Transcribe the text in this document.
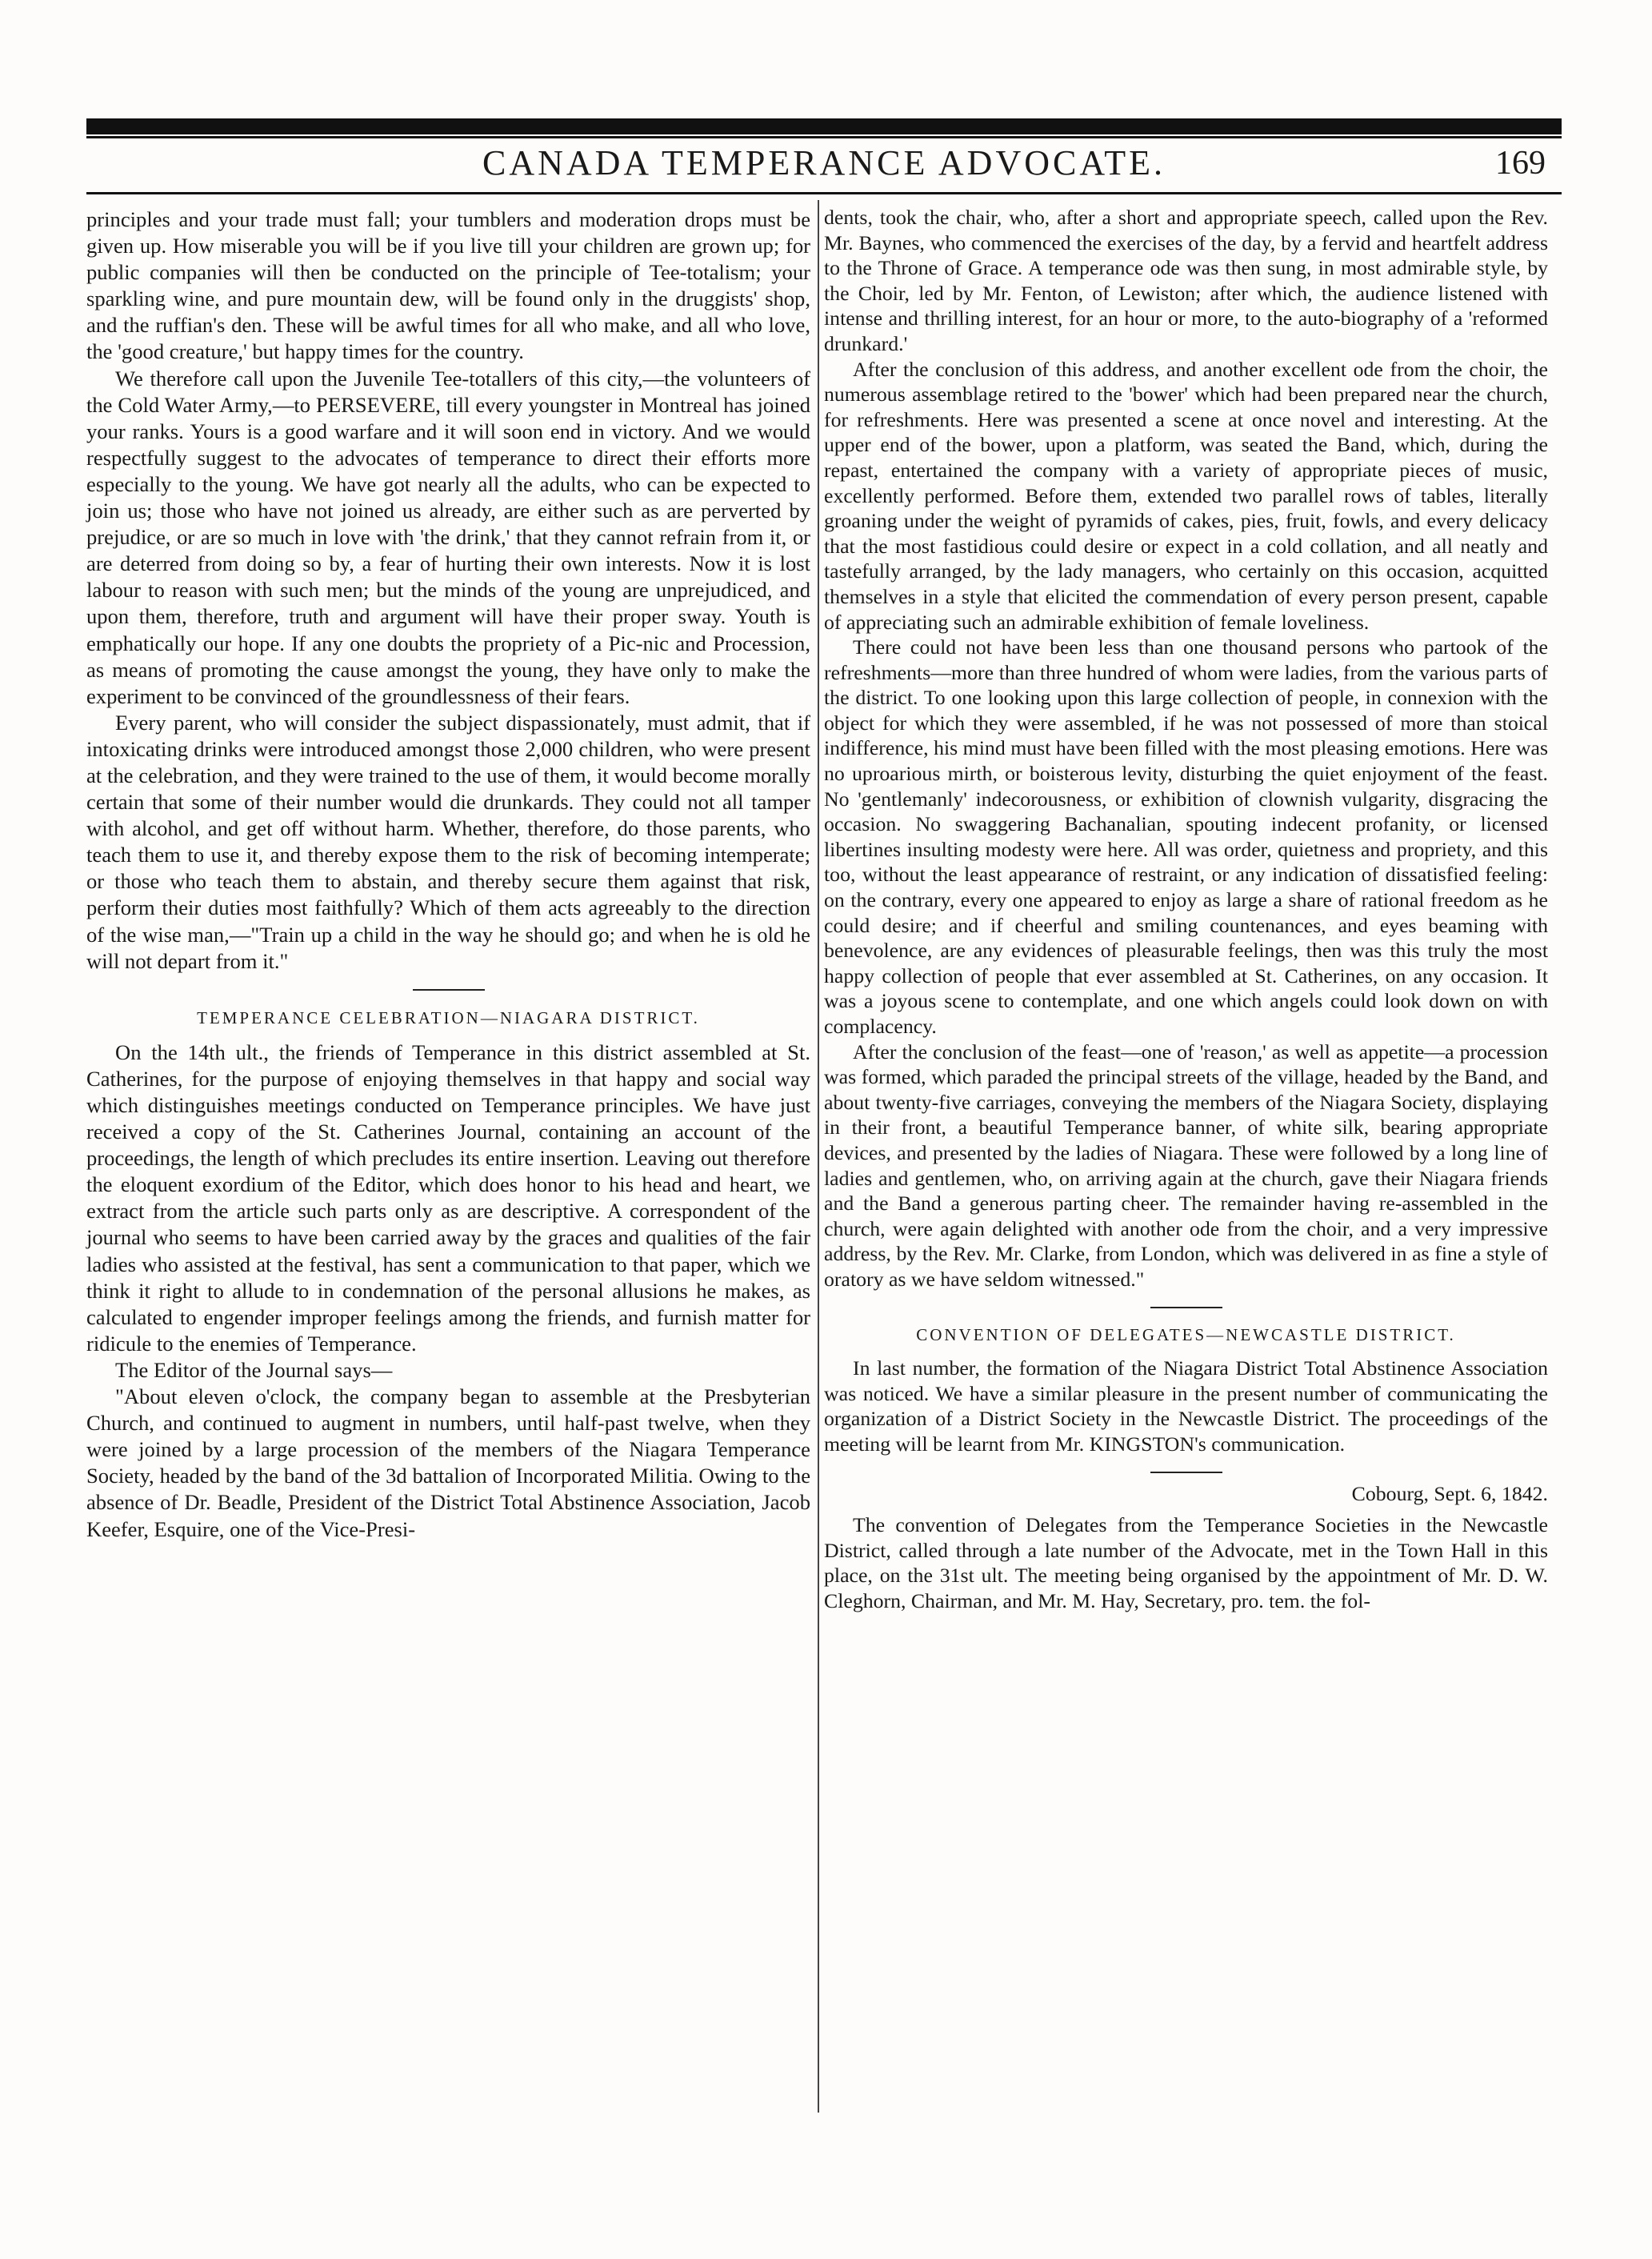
CANADA TEMPERANCE ADVOCATE.	169

principles and your trade must fall; your tumblers and moderation drops must be given up. How miserable you will be if you live till your children are grown up; for public companies will then be conducted on the principle of Tee-totalism; your sparkling wine, and pure mountain dew, will be found only in the druggists' shop, and the ruffian's den. These will be awful times for all who make, and all who love, the 'good creature,' but happy times for the country.

We therefore call upon the Juvenile Tee-totallers of this city,—the volunteers of the Cold Water Army,—to PERSEVERE, till every youngster in Montreal has joined your ranks. Yours is a good warfare and it will soon end in victory. And we would respectfully suggest to the advocates of temperance to direct their efforts more especially to the young. We have got nearly all the adults, who can be expected to join us; those who have not joined us already, are either such as are perverted by prejudice, or are so much in love with 'the drink,' that they cannot refrain from it, or are deterred from doing so by, a fear of hurting their own interests. Now it is lost labour to reason with such men; but the minds of the young are unprejudiced, and upon them, therefore, truth and argument will have their proper sway. Youth is emphatically our hope. If any one doubts the propriety of a Pic-nic and Procession, as means of promoting the cause amongst the young, they have only to make the experiment to be convinced of the groundlessness of their fears.

Every parent, who will consider the subject dispassionately, must admit, that if intoxicating drinks were introduced amongst those 2,000 children, who were present at the celebration, and they were trained to the use of them, it would become morally certain that some of their number would die drunkards. They could not all tamper with alcohol, and get off without harm. Whether, therefore, do those parents, who teach them to use it, and thereby expose them to the risk of becoming intemperate; or those who teach them to abstain, and thereby secure them against that risk, perform their duties most faithfully? Which of them acts agreeably to the direction of the wise man,—"Train up a child in the way he should go; and when he is old he will not depart from it."

TEMPERANCE CELEBRATION—NIAGARA DISTRICT.

On the 14th ult., the friends of Temperance in this district assembled at St. Catherines, for the purpose of enjoying themselves in that happy and social way which distinguishes meetings conducted on Temperance principles. We have just received a copy of the St. Catherines Journal, containing an account of the proceedings, the length of which precludes its entire insertion. Leaving out therefore the eloquent exordium of the Editor, which does honor to his head and heart, we extract from the article such parts only as are descriptive. A correspondent of the journal who seems to have been carried away by the graces and qualities of the fair ladies who assisted at the festival, has sent a communication to that paper, which we think it right to allude to in condemnation of the personal allusions he makes, as calculated to engender improper feelings among the friends, and furnish matter for ridicule to the enemies of Temperance.

The Editor of the Journal says—

"About eleven o'clock, the company began to assemble at the Presbyterian Church, and continued to augment in numbers, until half-past twelve, when they were joined by a large procession of the members of the Niagara Temperance Society, headed by the band of the 3d battalion of Incorporated Militia. Owing to the absence of Dr. Beadle, President of the District Total Abstinence Association, Jacob Keefer, Esquire, one of the Vice-Presi-

dents, took the chair, who, after a short and appropriate speech, called upon the Rev. Mr. Baynes, who commenced the exercises of the day, by a fervid and heartfelt address to the Throne of Grace. A temperance ode was then sung, in most admirable style, by the Choir, led by Mr. Fenton, of Lewiston; after which, the audience listened with intense and thrilling interest, for an hour or more, to the auto-biography of a 'reformed drunkard.'

After the conclusion of this address, and another excellent ode from the choir, the numerous assemblage retired to the 'bower' which had been prepared near the church, for refreshments. Here was presented a scene at once novel and interesting. At the upper end of the bower, upon a platform, was seated the Band, which, during the repast, entertained the company with a variety of appropriate pieces of music, excellently performed. Before them, extended two parallel rows of tables, literally groaning under the weight of pyramids of cakes, pies, fruit, fowls, and every delicacy that the most fastidious could desire or expect in a cold collation, and all neatly and tastefully arranged, by the lady managers, who certainly on this occasion, acquitted themselves in a style that elicited the commendation of every person present, capable of appreciating such an admirable exhibition of female loveliness.

There could not have been less than one thousand persons who partook of the refreshments—more than three hundred of whom were ladies, from the various parts of the district. To one looking upon this large collection of people, in connexion with the object for which they were assembled, if he was not possessed of more than stoical indifference, his mind must have been filled with the most pleasing emotions. Here was no uproarious mirth, or boisterous levity, disturbing the quiet enjoyment of the feast. No 'gentlemanly' indecorousness, or exhibition of clownish vulgarity, disgracing the occasion. No swaggering Bachanalian, spouting indecent profanity, or licensed libertines insulting modesty were here. All was order, quietness and propriety, and this too, without the least appearance of restraint, or any indication of dissatisfied feeling: on the contrary, every one appeared to enjoy as large a share of rational freedom as he could desire; and if cheerful and smiling countenances, and eyes beaming with benevolence, are any evidences of pleasurable feelings, then was this truly the most happy collection of people that ever assembled at St. Catherines, on any occasion. It was a joyous scene to contemplate, and one which angels could look down on with complacency.

After the conclusion of the feast—one of 'reason,' as well as appetite—a procession was formed, which paraded the principal streets of the village, headed by the Band, and about twenty-five carriages, conveying the members of the Niagara Society, displaying in their front, a beautiful Temperance banner, of white silk, bearing appropriate devices, and presented by the ladies of Niagara. These were followed by a long line of ladies and gentlemen, who, on arriving again at the church, gave their Niagara friends and the Band a generous parting cheer. The remainder having re-assembled in the church, were again delighted with another ode from the choir, and a very impressive address, by the Rev. Mr. Clarke, from London, which was delivered in as fine a style of oratory as we have seldom witnessed."

CONVENTION OF DELEGATES—NEWCASTLE DISTRICT.

In last number, the formation of the Niagara District Total Abstinence Association was noticed. We have a similar pleasure in the present number of communicating the organization of a District Society in the Newcastle District. The proceedings of the meeting will be learnt from Mr. KINGSTON's communication.

Cobourg, Sept. 6, 1842.

The convention of Delegates from the Temperance Societies in the Newcastle District, called through a late number of the Advocate, met in the Town Hall in this place, on the 31st ult. The meeting being organised by the appointment of Mr. D. W. Cleghorn, Chairman, and Mr. M. Hay, Secretary, pro. tem. the fol-
